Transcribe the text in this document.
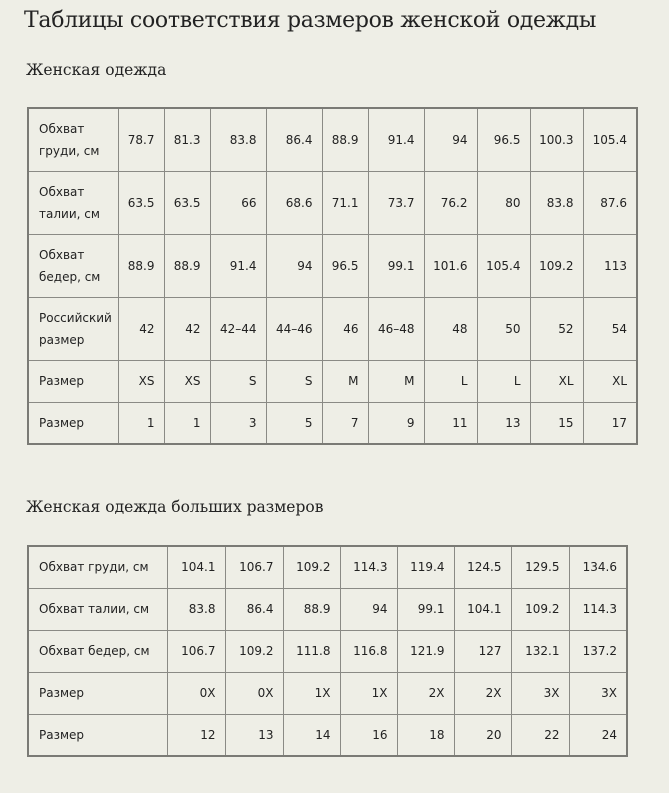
Таблицы соответствия размеров женской одежды
Женская одежда
Обхват груди, см	78.7	81.3	83.8	86.4	88.9	91.4	94	96.5	100.3	105.4

Обхват талии, см	63.5	63.5	66	68.6	71.1	73.7	76.2	80	83.8	87.6

Обхват бедер, см	88.9	88.9	91.4	94	96.5	99.1	101.6	105.4	109.2	113

Российский размер	42	42	42–44	44–46	46	46–48	48	50	52	54
Размер	XS	XS	S	S	M	M	L	L	XL	XL
Размер	1	1	3	5	7	9	11	13	15	17
Женская одежда больших размеров
Обхват груди, см	104.1	106.7	109.2	114.3	119.4	124.5	129.5	134.6
Обхват талии, см	83.8	86.4	88.9	94	99.1	104.1	109.2	114.3
Обхват бедер, см	106.7	109.2	111.8	116.8	121.9	127	132.1	137.2
Размер	0X	0X	1X	1X	2X	2X	3X	3X
Размер	12	13	14	16	18	20	22	24
